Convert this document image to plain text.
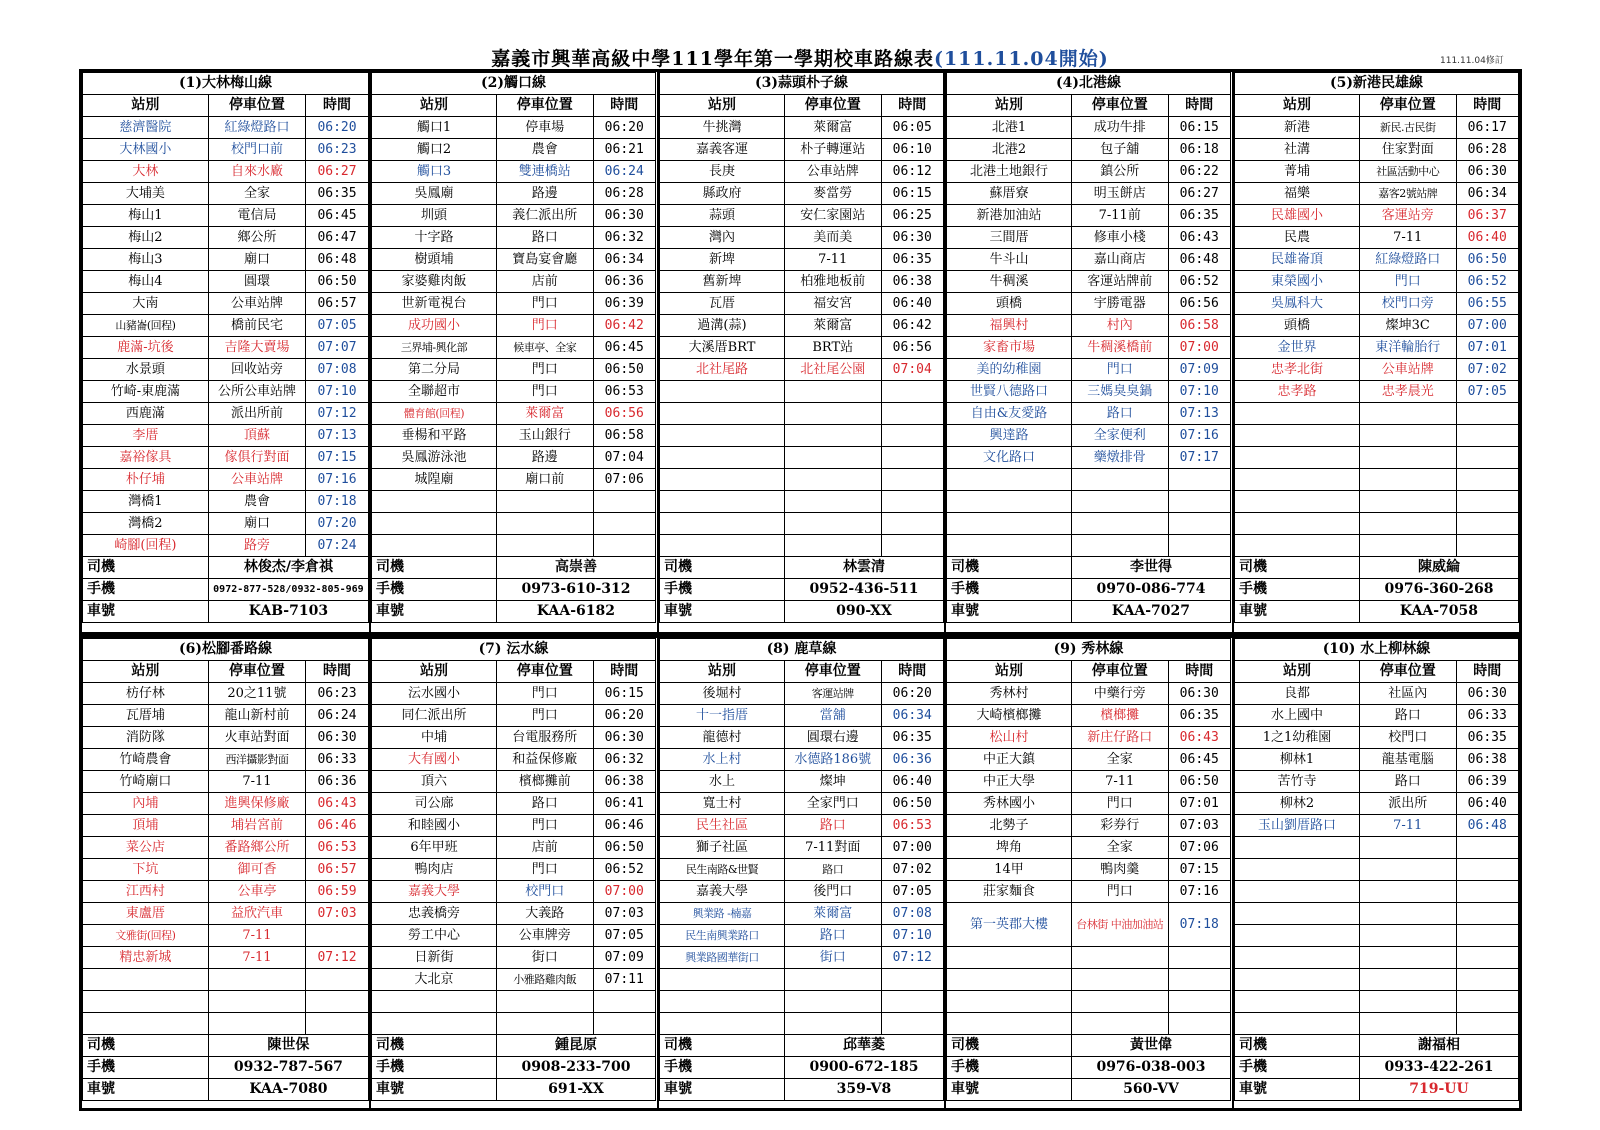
嘉義市興華高級中學111學年第一學期校車路線表(111.11.04開始)	111.11.04修訂
(1)大林梅山線		
站別	停車位置	時間
慈濟醫院	紅綠燈路口	06:20
大林國小	校門口前	06:23
大林	自來水廠	06:27
大埔美	全家	06:35
梅山1	電信局	06:45
梅山2	鄉公所	06:47
梅山3	廟口	06:48
梅山4	圓環	06:50
大南	公車站牌	06:57
山豬崙(回程)	橋前民宅	07:05
鹿滿-坑後	吉隆大賣場	07:07
水景頭	回收站旁	07:08
竹崎-東鹿滿	公所公車站牌	07:10
西鹿滿	派出所前	07:12
李厝	頂蘇	07:13
嘉裕傢具	傢俱行對面	07:15
朴仔埔	公車站牌	07:16
灣橋1	農會	07:18
灣橋2	廟口	07:20
崎腳(回程)	路旁	07:24
司機	林俊杰/李倉祺	
手機	0972-877-528/0932-805-969	
車號	KAB-7103	
(2)觸口線		
站別	停車位置	時間
觸口1	停車場	06:20
觸口2	農會	06:21
觸口3	雙連橋站	06:24
吳鳳廟	路邊	06:28
圳頭	義仁派出所	06:30
十字路	路口	06:32
樹頭埔	寶島宴會廳	06:34
家婆雞肉飯	店前	06:36
世新電視台	門口	06:39
成功國小	門口	06:42
三界埔-興化部	候車亭、全家	06:45
第二分局	門口	06:50
全聯超市	門口	06:53
體育館(回程)	萊爾富	06:56
垂楊和平路	玉山銀行	06:58
吳鳳游泳池	路邊	07:04
城隍廟	廟口前	07:06

司機	高崇善	
手機	0973-610-312	
車號	KAA-6182	
(3)蒜頭朴子線		
站別	停車位置	時間
牛挑灣	萊爾富	06:05
嘉義客運	朴子轉運站	06:10
長庚	公車站牌	06:12
縣政府	麥當勞	06:15
蒜頭	安仁家園站	06:25
灣內	美而美	06:30
新埤	7-11	06:35
舊新埤	柏雅地板前	06:38
瓦厝	福安宮	06:40
過溝(蒜)	萊爾富	06:42
大溪厝BRT	BRT站	06:56
北社尾路	北社尾公園	07:04

司機	林雲清	
手機	0952-436-511	
車號	090-XX	
(4)北港線		
站別	停車位置	時間
北港1	成功牛排	06:15
北港2	包子舖	06:18
北港土地銀行	鎮公所	06:22
蘇厝寮	明玉餅店	06:27
新港加油站	7-11前	06:35
三間厝	修車小棧	06:43
牛斗山	嘉山商店	06:48
牛稠溪	客運站牌前	06:52
頭橋	宇勝電器	06:56
福興村	村內	06:58
家畜市場	牛稠溪橋前	07:00
美的幼稚園	門口	07:09
世賢八德路口	三媽臭臭鍋	07:10
自由&友愛路	路口	07:13
興達路	全家便利	07:16
文化路口	藥燉排骨	07:17

司機	李世得	
手機	0970-086-774	
車號	KAA-7027	
(5)新港民雄線		
站別	停車位置	時間
新港	新民.古民街	06:17
社溝	住家對面	06:28
菁埔	社區活動中心	06:30
福樂	嘉客2號站牌	06:34
民雄國小	客運站旁	06:37
民農	7-11	06:40
民雄崙頂	紅綠燈路口	06:50
東榮國小	門口	06:52
吳鳳科大	校門口旁	06:55
頭橋	燦坤3C	07:00
金世界	東洋輪胎行	07:01
忠孝北街	公車站牌	07:02
忠孝路	忠孝晨光	07:05

司機	陳威綸	
手機	0976-360-268	
車號	KAA-7058	
(6)松腳番路線		
站別	停車位置	時間
枋仔林	20之11號	06:23
瓦厝埔	龍山新村前	06:24
消防隊	火車站對面	06:30
竹崎農會	西洋攝影對面	06:33
竹崎廟口	7-11	06:36
內埔	進興保修廠	06:43
頂埔	埔岩宮前	06:46
菜公店	番路鄉公所	06:53
下坑	御可香	06:57
江西村	公車亭	06:59
東盧厝	益欣汽車	07:03
文雅街(回程)	7-11	
精忠新城	7-11	07:12

司機	陳世保	
手機	0932-787-567	
車號	KAA-7080	
(7) 沄水線		
站別	停車位置	時間
沄水國小	門口	06:15
同仁派出所	門口	06:20
中埔	台電服務所	06:30
大有國小	和益保修廠	06:32
頂六	檳榔攤前	06:38
司公廍	路口	06:41
和睦國小	門口	06:46
6年甲班	店前	06:50
鴨肉店	門口	06:52
嘉義大學	校門口	07:00
忠義橋旁	大義路	07:03
勞工中心	公車牌旁	07:05
日新街	街口	07:09
大北京	小雅路雞肉飯	07:11

司機	鍾昆原	
手機	0908-233-700	
車號	691-XX	
(8) 鹿草線		
站別	停車位置	時間
後堀村	客運站牌	06:20
十一指厝	當舖	06:34
龍德村	圓環右邊	06:35
水上村	水德路186號	06:36
水上	燦坤	06:40
寬士村	全家門口	06:50
民生社區	路口	06:53
獅子社區	7-11對面	07:00
民生南路&世賢	路口	07:02
嘉義大學	後門口	07:05
興業路 -楠嘉	萊爾富	07:08
民生南興業路口	路口	07:10
興業路國華街口	街口	07:12

司機	邱華菱	
手機	0900-672-185	
車號	359-V8	
(9) 秀林線		
站別	停車位置	時間
秀林村	中藥行旁	06:30
大崎檳榔攤	檳榔攤	06:35
松山村	新庄仔路口	06:43
中正大鎮	全家	06:45
中正大學	7-11	06:50
秀林國小	門口	07:01
北勢子	彩券行	07:03
埤角	全家	07:06
14甲	鴨肉羹	07:15
莊家麵食	門口	07:16
第一英郡大樓	台林街 中油加油站	07:18

司機	黃世偉	
手機	0976-038-003	
車號	560-VV	
(10) 水上柳林線		
站別	停車位置	時間
良都	社區內	06:30
水上國中	路口	06:33
1之1幼稚園	校門口	06:35
柳林1	龍基電腦	06:38
苦竹寺	路口	06:39
柳林2	派出所	06:40
玉山劉厝路口	7-11	06:48

司機	謝福相	
手機	0933-422-261	
車號	719-UU	
